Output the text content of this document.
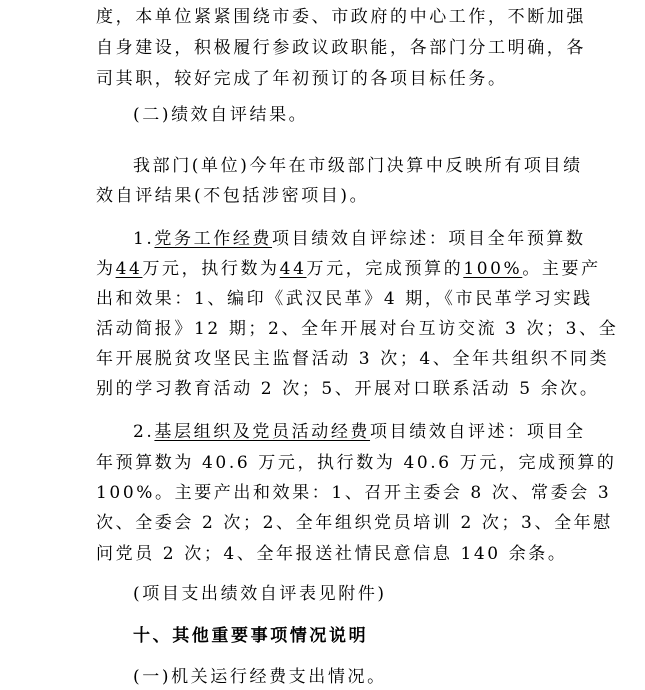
度，本单位紧紧围绕市委、市政府的中心工作，不断加强
自身建设，积极履行参政议政职能，各部门分工明确，各
司其职，较好完成了年初预订的各项目标任务。
(二)绩效自评结果。
我部门(单位)今年在市级部门决算中反映所有项目绩
效自评结果(不包括涉密项目)。
1.党务工作经费项目绩效自评综述：项目全年预算数
为44万元，执行数为44万元，完成预算的100%。主要产
出和效果：1、编印《武汉民革》4 期，《市民革学习实践
活动简报》12 期；2、全年开展对台互访交流 3 次；3、全
年开展脱贫攻坚民主监督活动 3 次；4、全年共组织不同类
别的学习教育活动 2 次；5、开展对口联系活动 5 余次。
2.基层组织及党员活动经费项目绩效自评述：项目全
年预算数为 40.6 万元，执行数为 40.6 万元，完成预算的
100%。主要产出和效果：1、召开主委会 8 次、常委会 3
次、全委会 2 次；2、全年组织党员培训 2 次；3、全年慰
问党员 2 次；4、全年报送社情民意信息 140 余条。
(项目支出绩效自评表见附件)
十、其他重要事项情况说明
(一)机关运行经费支出情况。
